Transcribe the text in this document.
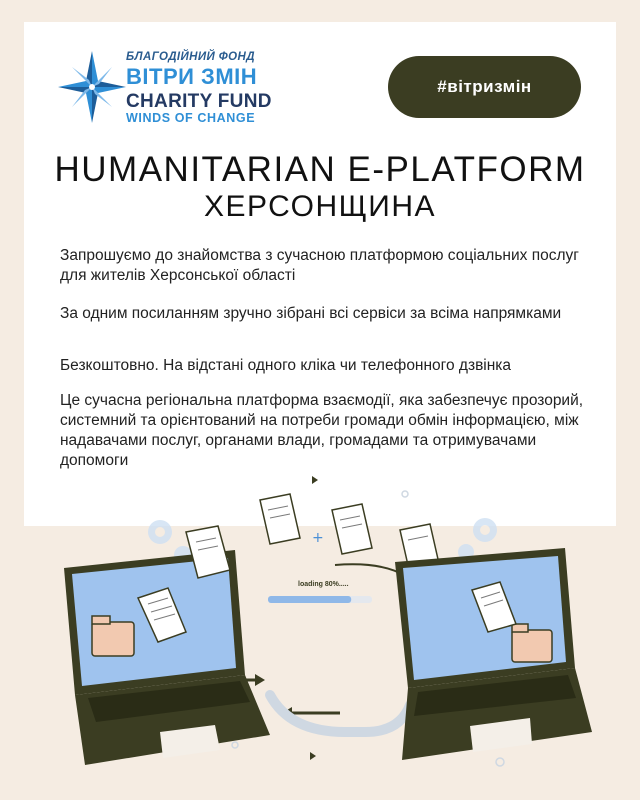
БЛАГОДІЙНИЙ ФОНД
ВІТРИ ЗМІН
CHARITY FUND
WINDS OF CHANGE
#вітризмін
HUMANITARIAN E-PLATFORM
ХЕРСОНЩИНА
Запрошуємо до знайомства з сучасною платформою соціальних послуг для жителів Херсонської області
За одним посиланням зручно зібрані всі сервіси за всіма напрямками
Безкоштовно. На відстані одного кліка чи телефонного дзвінка
Це сучасна регіональна платформа взаємодії, яка забезпечує прозорий, системний та орієнтований на потреби громади обмін інформацією, між надавачами послуг, органами влади, громадами та отримувачами допомоги
+
loading 80%.....
